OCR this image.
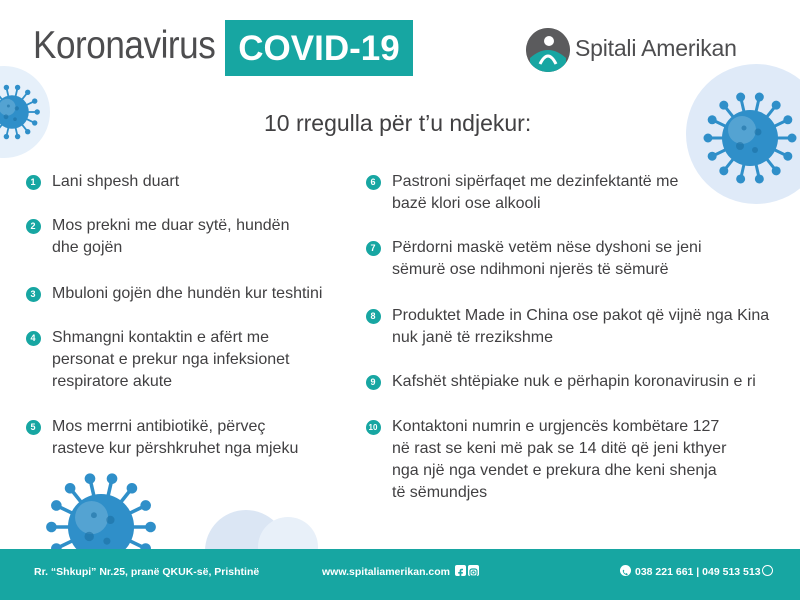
Koronavirus COVID-19	Spitali Amerikan
10 rregulla për t’u ndjekur:
1	Lani shpesh duart
2	Mos prekni me duar sytë, hundën
dhe gojën
3	Mbuloni gojën dhe hundën kur teshtini
4	Shmangni kontaktin e afërt me
personat e prekur nga infeksionet
respiratore akute
5	Mos merrni antibiotikë, përveç
rasteve kur përshkruhet nga mjeku
6	Pastroni sipërfaqet me dezinfektantë me
bazë klori ose alkooli
7	Përdorni maskë vetëm nëse dyshoni se jeni
sëmurë ose ndihmoni njerës të sëmurë
8	Produktet Made in China ose pakot që vijnë nga Kina
nuk janë të rrezikshme
9	Kafshët shtëpiake nuk e përhapin koronavirusin e ri
10 Kontaktoni numrin e urgjencës kombëtare 127
në rast se keni më pak se 14 ditë që jeni kthyer
nga një nga vendet e prekura dhe keni shenja
të sëmundjes
Rr. “Shkupi” Nr.25, pranë QKUK-së, Prishtinë	www.spitaliamerikan.com	038 221 661 | 049 513 513
